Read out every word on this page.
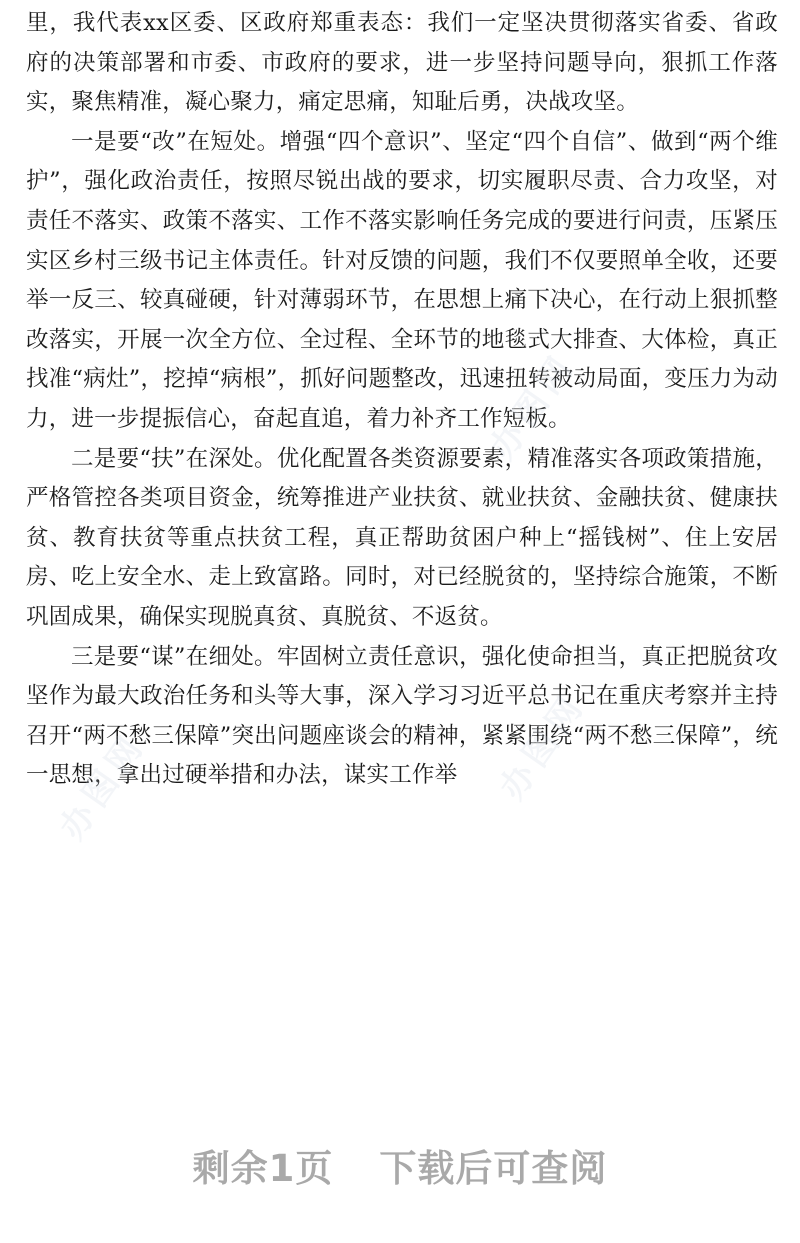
里，我代表xx区委、区政府郑重表态：我们一定坚决贯彻落实省委、省政府的决策部署和市委、市政府的要求，进一步坚持问题导向，狠抓工作落实，聚焦精准，凝心聚力，痛定思痛，知耻后勇，决战攻坚。

一是要“改”在短处。增强“四个意识”、坚定“四个自信”、做到“两个维护”，强化政治责任，按照尽锐出战的要求，切实履职尽责、合力攻坚，对责任不落实、政策不落实、工作不落实影响任务完成的要进行问责，压紧压实区乡村三级书记主体责任。针对反馈的问题，我们不仅要照单全收，还要举一反三、较真碰硬，针对薄弱环节，在思想上痛下决心，在行动上狠抓整改落实，开展一次全方位、全过程、全环节的地毯式大排查、大体检，真正找准“病灶”，挖掉“病根”，抓好问题整改，迅速扭转被动局面，变压力为动力，进一步提振信心，奋起直追，着力补齐工作短板。

二是要“扶”在深处。优化配置各类资源要素，精准落实各项政策措施，严格管控各类项目资金，统筹推进产业扶贫、就业扶贫、金融扶贫、健康扶贫、教育扶贫等重点扶贫工程，真正帮助贫困户种上“摇钱树”、住上安居房、吃上安全水、走上致富路。同时，对已经脱贫的，坚持综合施策，不断巩固成果，确保实现脱真贫、真脱贫、不返贫。

三是要“谋”在细处。牢固树立责任意识，强化使命担当，真正把脱贫攻坚作为最大政治任务和头等大事，深入学习习近平总书记在重庆考察并主持召开“两不愁三保障”突出问题座谈会的精神，紧紧围绕“两不愁三保障”，统一思想，拿出过硬举措和办法，谋实工作举

办图网
办图网
办图网
剩余1页 下载后可查阅
